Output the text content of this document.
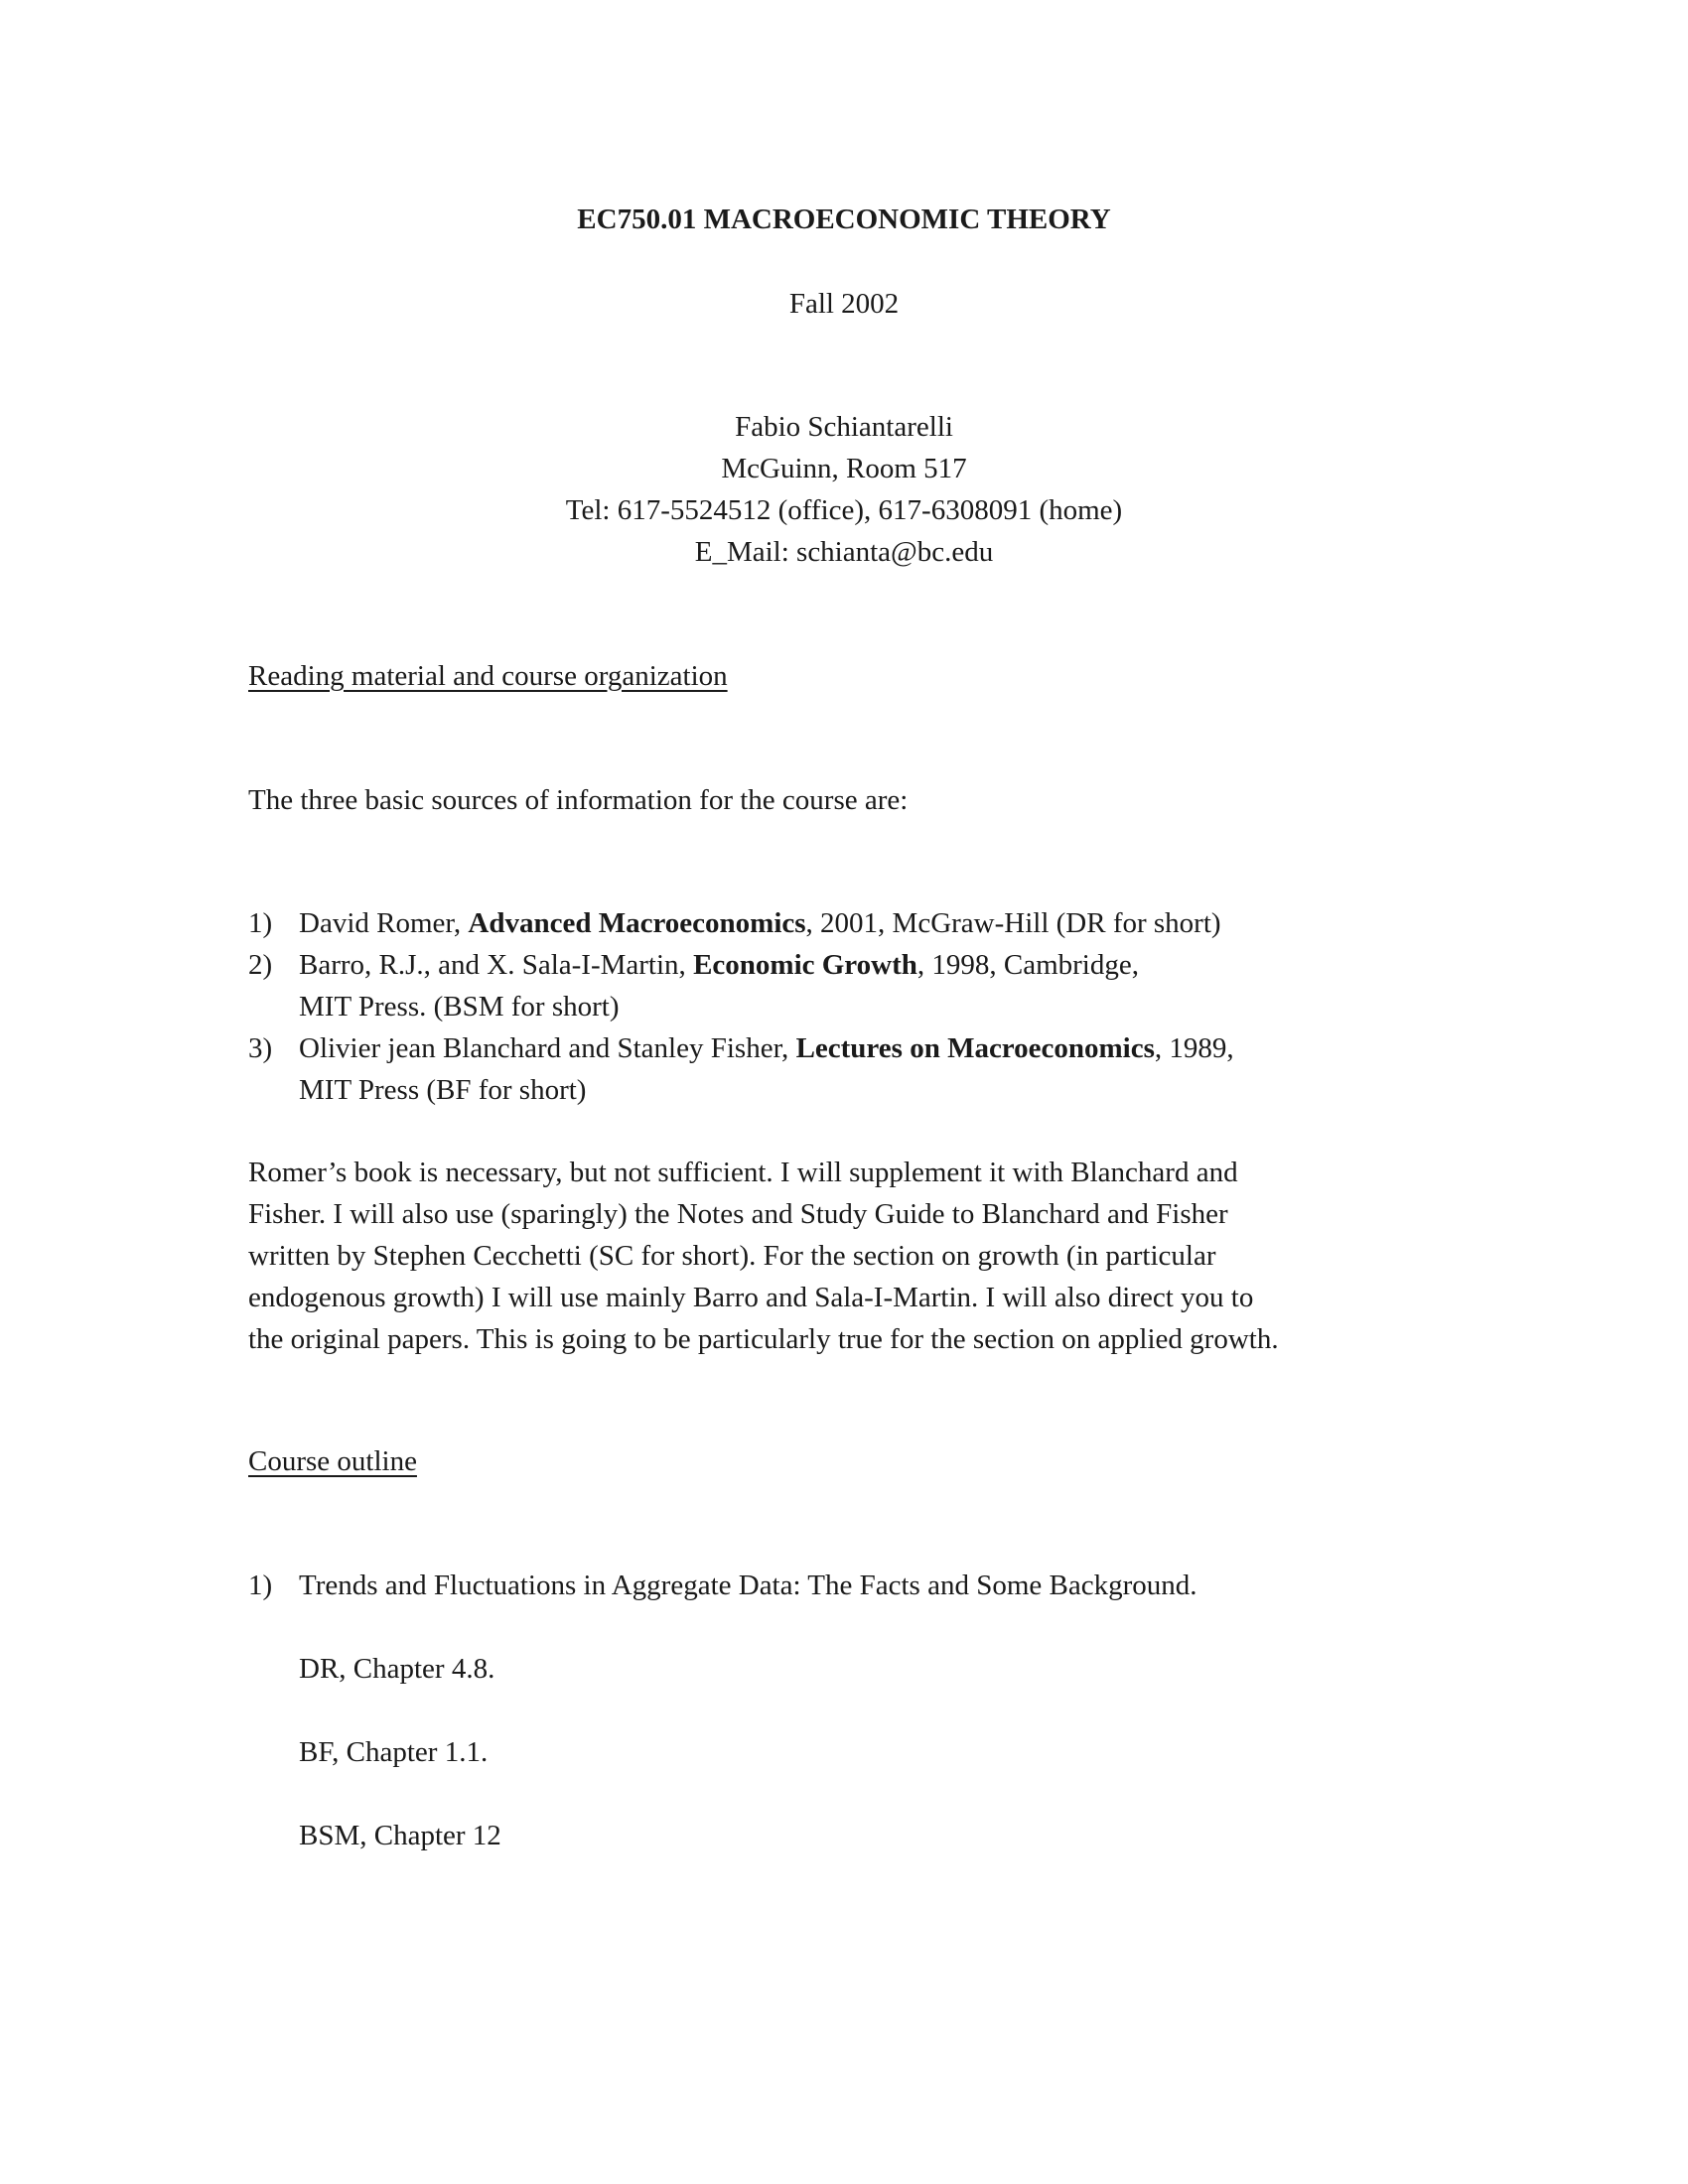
EC750.01 MACROECONOMIC THEORY
Fall 2002
Fabio Schiantarelli
McGuinn, Room 517
Tel: 617-5524512 (office), 617-6308091 (home)
E_Mail: schianta@bc.edu
Reading material and course organization
The three basic sources of information for the course are:
1) David Romer, Advanced Macroeconomics, 2001, McGraw-Hill (DR for short)
2) Barro, R.J., and X. Sala-I-Martin, Economic Growth, 1998, Cambridge,
MIT Press. (BSM for short)
3) Olivier jean Blanchard and Stanley Fisher, Lectures on Macroeconomics, 1989,
MIT Press (BF for short)
Romer’s book is necessary, but not sufficient. I will supplement it with Blanchard and
Fisher. I will also use (sparingly) the Notes and Study Guide to Blanchard and Fisher
written by Stephen Cecchetti (SC for short). For the section on growth (in particular
endogenous growth) I will use mainly Barro and Sala-I-Martin. I will also direct you to
the original papers. This is going to be particularly true for the section on applied growth.
Course outline
1) Trends and Fluctuations in Aggregate Data: The Facts and Some Background.
DR, Chapter 4.8.
BF, Chapter 1.1.
BSM, Chapter 12
